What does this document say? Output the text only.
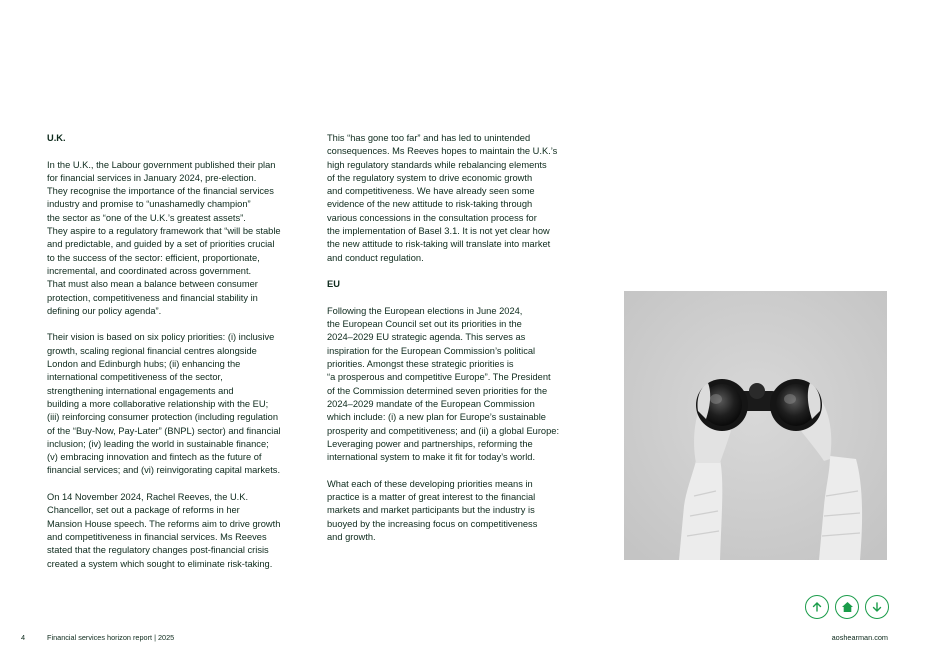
U.K.

In the U.K., the Labour government published their plan
for financial services in January 2024, pre-election.
They recognise the importance of the financial services
industry and promise to “unashamedly champion”
the sector as “one of the U.K.’s greatest assets”.
They aspire to a regulatory framework that “will be stable
and predictable, and guided by a set of priorities crucial
to the success of the sector: efficient, proportionate,
incremental, and coordinated across government.
That must also mean a balance between consumer
protection, competitiveness and financial stability in
defining our policy agenda”.

Their vision is based on six policy priorities: (i) inclusive
growth, scaling regional financial centres alongside
London and Edinburgh hubs; (ii) enhancing the
international competitiveness of the sector,
strengthening international engagements and
building a more collaborative relationship with the EU;
(iii) reinforcing consumer protection (including regulation
of the “Buy-Now, Pay-Later” (BNPL) sector) and financial
inclusion; (iv) leading the world in sustainable finance;
(v) embracing innovation and fintech as the future of
financial services; and (vi) reinvigorating capital markets.

On 14 November 2024, Rachel Reeves, the U.K.
Chancellor, set out a package of reforms in her
Mansion House speech. The reforms aim to drive growth
and competitiveness in financial services. Ms Reeves
stated that the regulatory changes post-financial crisis
created a system which sought to eliminate risk-taking.

This “has gone too far” and has led to unintended
consequences. Ms Reeves hopes to maintain the U.K.’s
high regulatory standards while rebalancing elements
of the regulatory system to drive economic growth
and competitiveness. We have already seen some
evidence of the new attitude to risk-taking through
various concessions in the consultation process for
the implementation of Basel 3.1. It is not yet clear how
the new attitude to risk-taking will translate into market
and conduct regulation.

EU

Following the European elections in June 2024,
the European Council set out its priorities in the
2024–2029 EU strategic agenda. This serves as
inspiration for the European Commission’s political
priorities. Amongst these strategic priorities is
“a prosperous and competitive Europe”. The President
of the Commission determined seven priorities for the
2024–2029 mandate of the European Commission
which include: (i) a new plan for Europe’s sustainable
prosperity and competitiveness; and (ii) a global Europe:
Leveraging power and partnerships, reforming the
international system to make it fit for today’s world.

What each of these developing priorities means in
practice is a matter of great interest to the financial
markets and market participants but the industry is
buoyed by the increasing focus on competitiveness
and growth.

4	Financial services horizon report | 2025	aoshearman.com
